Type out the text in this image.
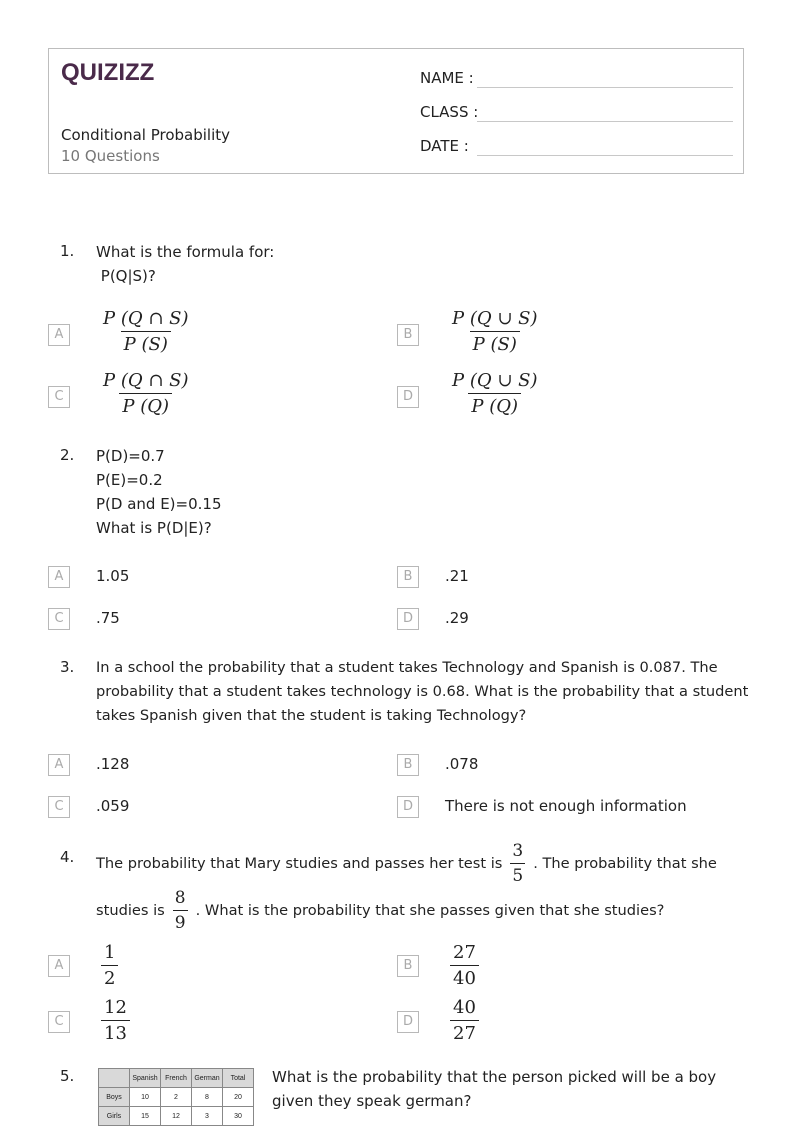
QUIZIZZ
Conditional Probability
10 Questions
NAME :
CLASS :
DATE :
1. What is the formula for:
P(Q|S)?
A	$\frac{P (Q \cap S)}{P (S)}$	B	$\frac{P (Q \cup S)}{P (S)}$
C	$\frac{P (Q \cap S)}{P (Q)}$	D	$\frac{P (Q \cup S)}{P (Q)}$
2. P(D)=0.7
P(E)=0.2
P(D and E)=0.15
What is P(D|E)?
A	1.05	B	.21
C	.75	D	.29
3. In a school the probability that a student takes Technology and Spanish is 0.087. The
probability that a student takes technology is 0.68. What is the probability that a student
takes Spanish given that the student is taking Technology?
A	.128	B	.078
C	.059	D	There is not enough information
4. The probability that Mary studies and passes her test is $\frac{3}{5}$ . The probability that she
studies is $\frac{8}{9}$ . What is the probability that she passes given that she studies?
A	$\frac{1}{2}$	B	$\frac{27}{40}$
C	$\frac{12}{13}$	D	$\frac{40}{27}$
5.
		Spanish	French	German	Total
Boys	10	2	8	20
Girls	15	12	3	30
What is the probability that the person picked will be a boy
given they speak german?
